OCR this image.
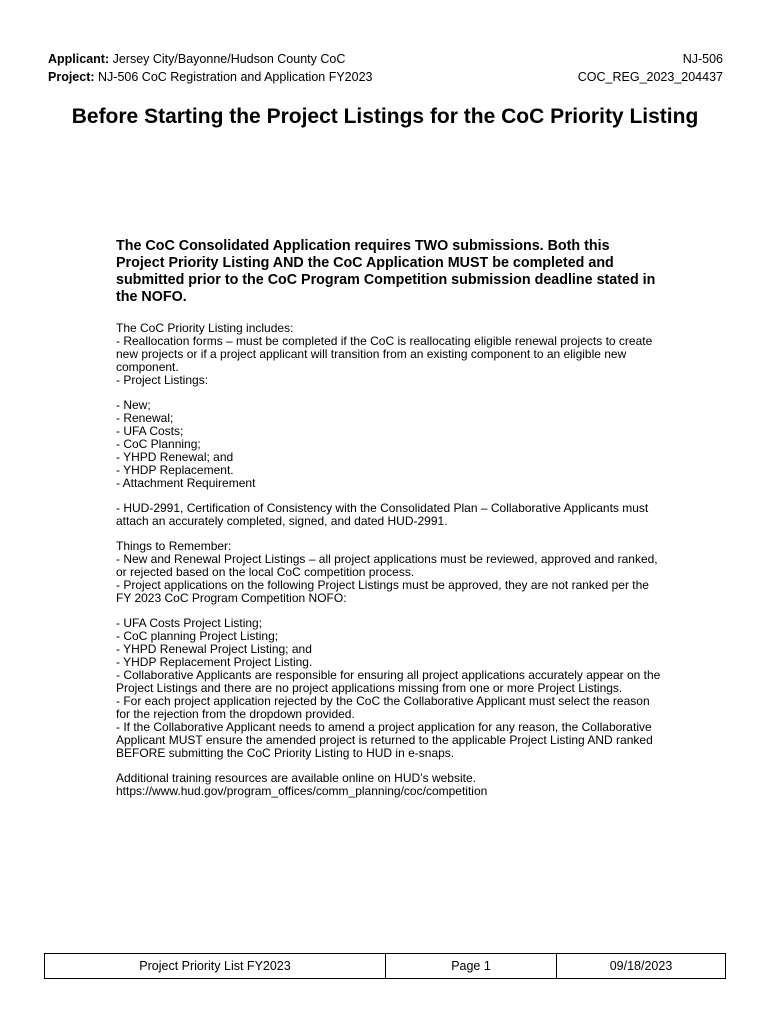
Applicant: Jersey City/Bayonne/Hudson County CoC	NJ-506
Project: NJ-506 CoC Registration and Application FY2023	COC_REG_2023_204437
Before Starting the Project Listings for the CoC Priority Listing
The CoC Consolidated Application requires TWO submissions. Both this Project Priority Listing AND the CoC Application MUST be completed and submitted prior to the CoC Program Competition submission deadline stated in the NOFO.

The CoC Priority Listing includes:

- Reallocation forms – must be completed if the CoC is reallocating eligible renewal projects to create new projects or if a project applicant will transition from an existing component to an eligible new component.

- Project Listings:

- New;

- Renewal;

- UFA Costs;

- CoC Planning;

- YHPD Renewal; and

- YHDP Replacement.

- Attachment Requirement

- HUD-2991, Certification of Consistency with the Consolidated Plan – Collaborative Applicants must attach an accurately completed, signed, and dated HUD-2991.

Things to Remember:

- New and Renewal Project Listings – all project applications must be reviewed, approved and ranked, or rejected based on the local CoC competition process.

- Project applications on the following Project Listings must be approved, they are not ranked per the FY 2023 CoC Program Competition NOFO:

- UFA Costs Project Listing;

- CoC planning Project Listing;

- YHPD Renewal Project Listing; and

- YHDP Replacement Project Listing.

- Collaborative Applicants are responsible for ensuring all project applications accurately appear on the Project Listings and there are no project applications missing from one or more Project Listings.

- For each project application rejected by the CoC the Collaborative Applicant must select the reason for the rejection from the dropdown provided.

- If the Collaborative Applicant needs to amend a project application for any reason, the Collaborative Applicant MUST ensure the amended project is returned to the applicable Project Listing AND ranked BEFORE submitting the CoC Priority Listing to HUD in e-snaps.

Additional training resources are available online on HUD’s website.

https://www.hud.gov/program_offices/comm_planning/coc/competition

Project Priority List FY2023	Page 1	09/18/2023
